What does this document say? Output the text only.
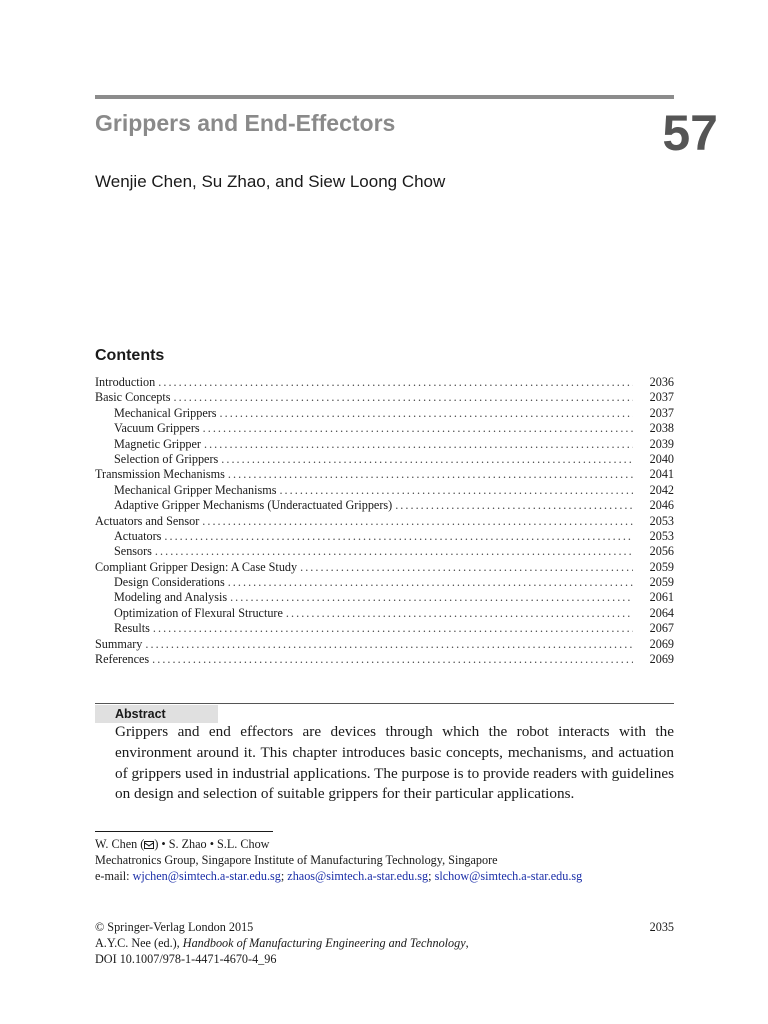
Grippers and End-Effectors	57
Wenjie Chen, Su Zhao, and Siew Loong Chow
Contents
Introduction . . .	2036
Basic Concepts . . .	2037
Mechanical Grippers . . .	2037
Vacuum Grippers . . .	2038
Magnetic Gripper . . .	2039
Selection of Grippers . . .	2040
Transmission Mechanisms . . .	2041
Mechanical Gripper Mechanisms . . .	2042
Adaptive Gripper Mechanisms (Underactuated Grippers) . . .	2046
Actuators and Sensor . . .	2053
Actuators . . .	2053
Sensors . . .	2056
Compliant Gripper Design: A Case Study . . .	2059
Design Considerations . . .	2059
Modeling and Analysis . . .	2061
Optimization of Flexural Structure . . .	2064
Results . . .	2067
Summary . . .	2069
References . . .	2069
Abstract

Grippers and end effectors are devices through which the robot interacts with the environment around it. This chapter introduces basic concepts, mechanisms, and actuation of grippers used in industrial applications. The purpose is to provide readers with guidelines on design and selection of suitable grippers for their particular applications.

W. Chen ( ) • S. Zhao • S.L. Chow
Mechatronics Group, Singapore Institute of Manufacturing Technology, Singapore
e-mail: wjchen@simtech.a-star.edu.sg; zhaos@simtech.a-star.edu.sg; slchow@simtech.a-star.edu.sg
© Springer-Verlag London 2015	2035
A.Y.C. Nee (ed.), Handbook of Manufacturing Engineering and Technology,
DOI 10.1007/978-1-4471-4670-4_96
